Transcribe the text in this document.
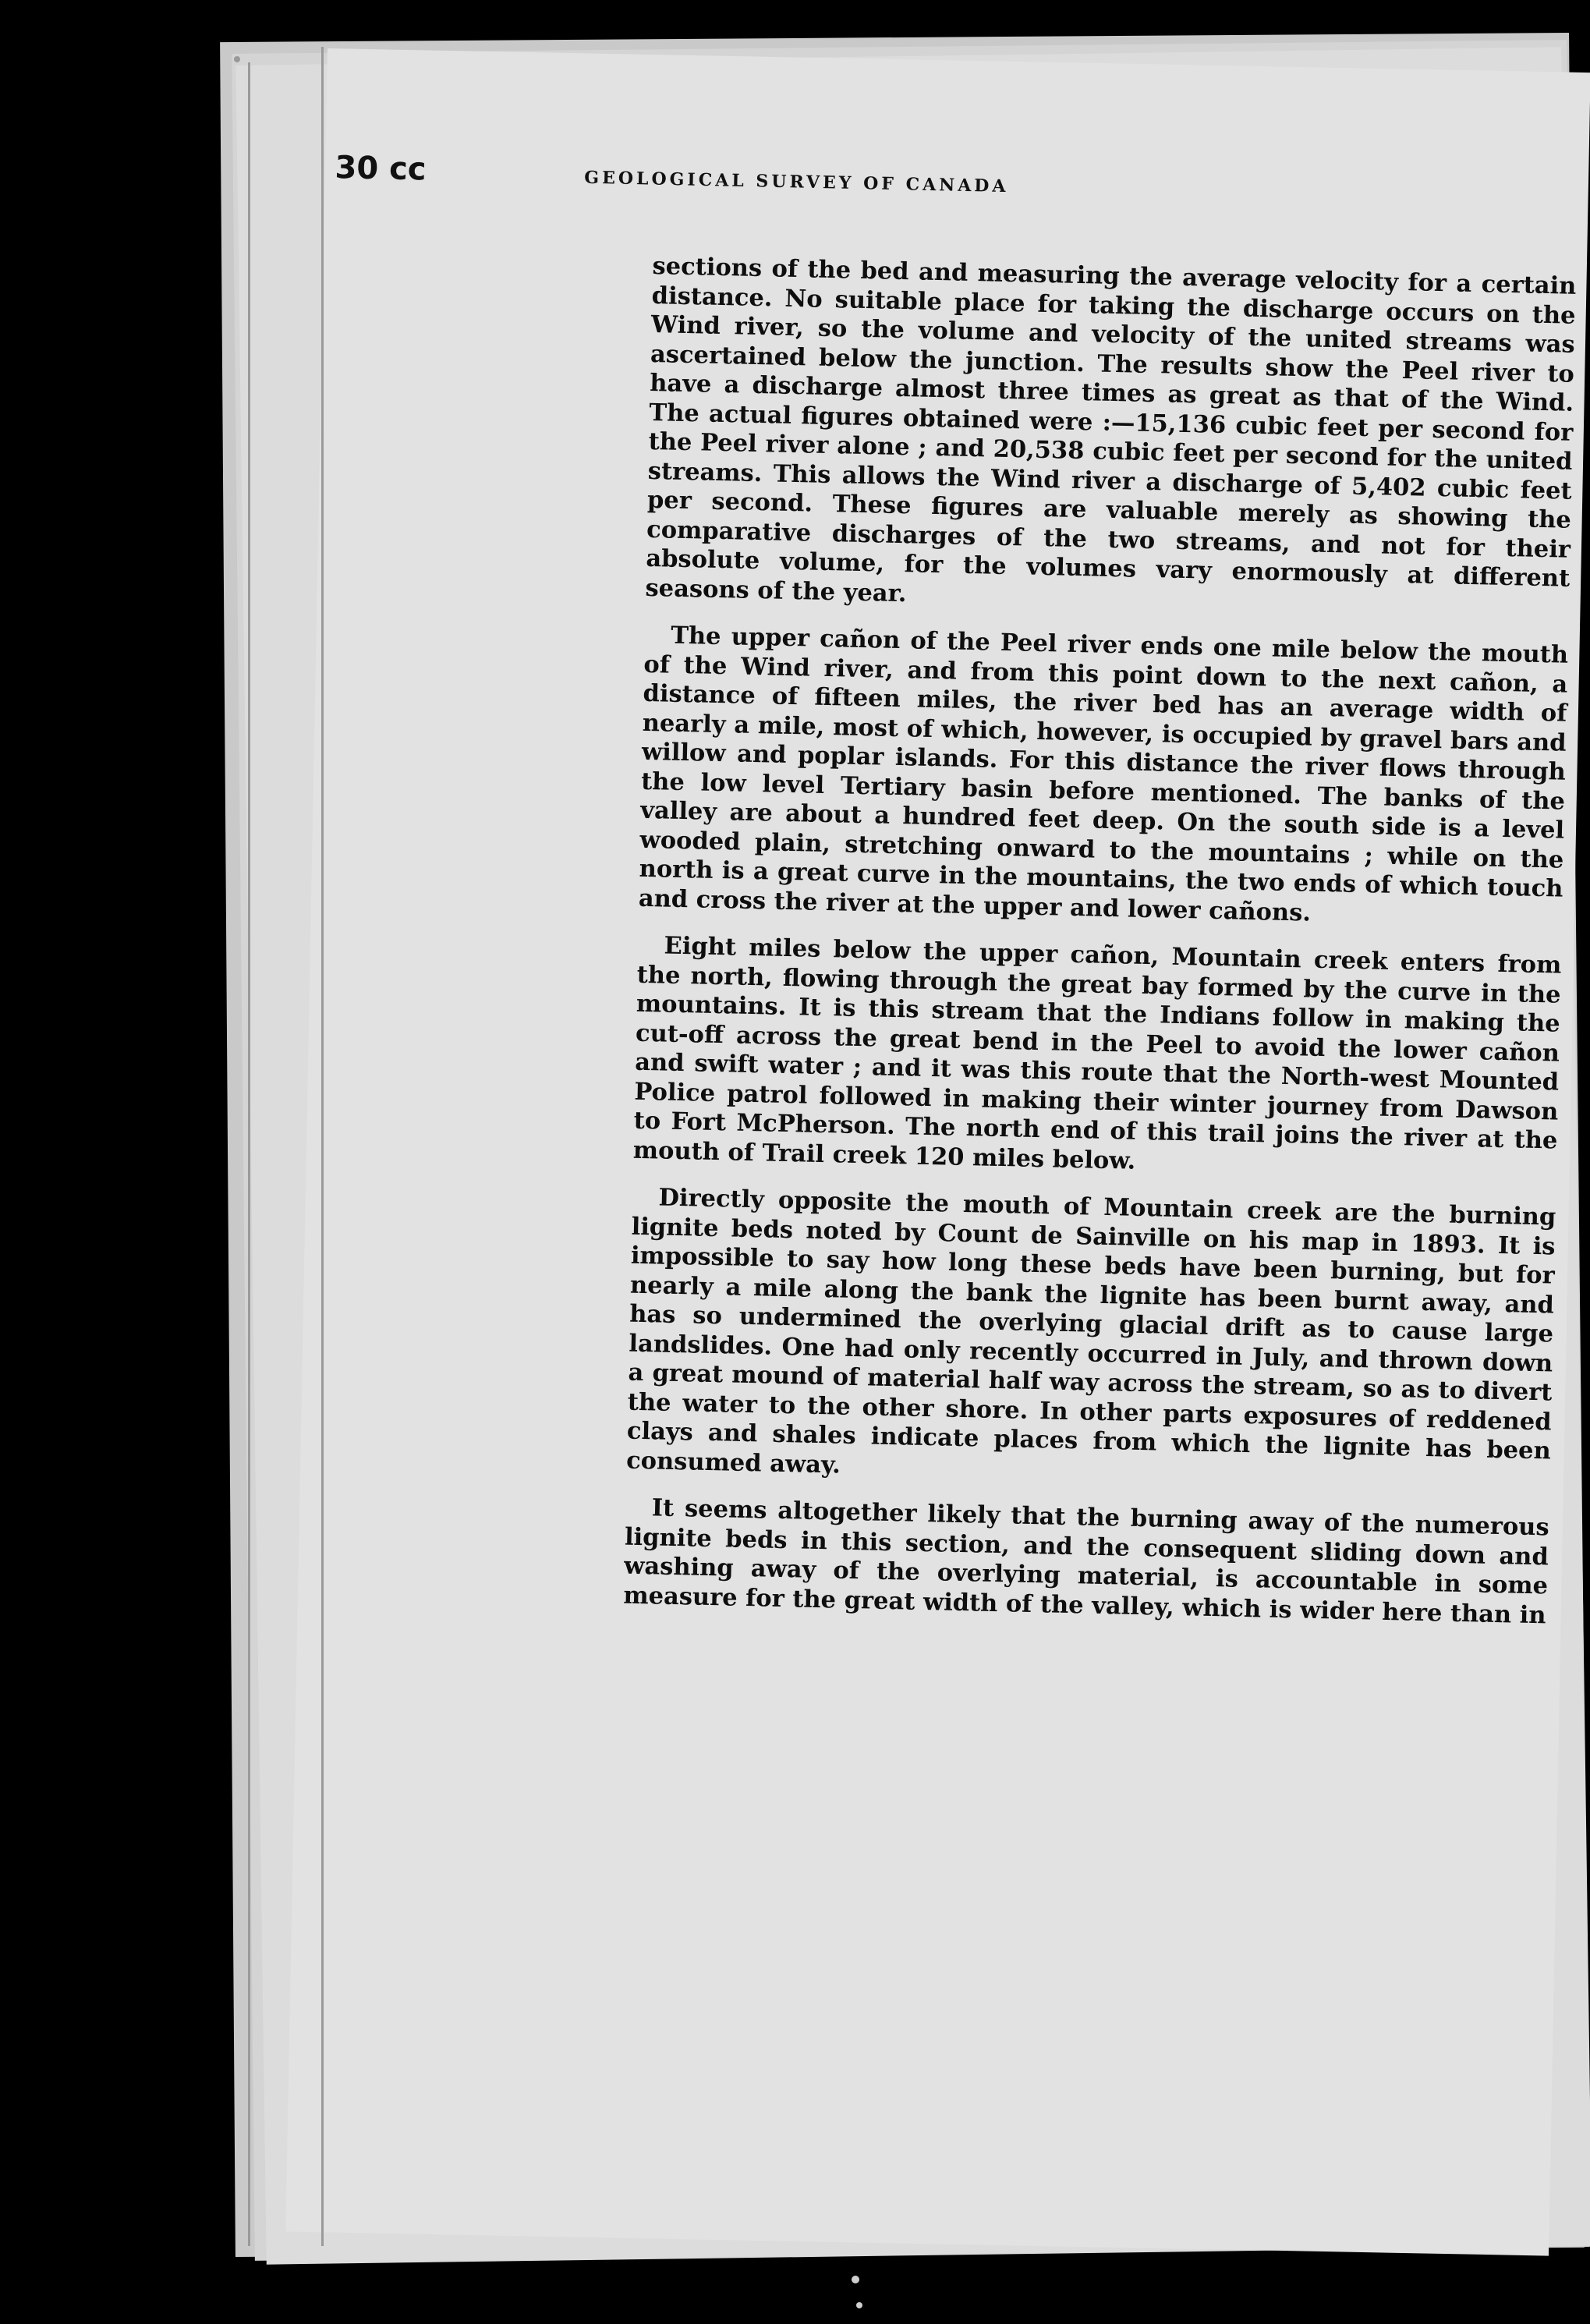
30 cc	GEOLOGICAL SURVEY OF CANADA

sections of the bed and measuring the average velocity for a certain distance. No suitable place for taking the discharge occurs on the Wind river, so the volume and velocity of the united streams was ascertained below the junction. The results show the Peel river to have a discharge almost three times as great as that of the Wind. The actual figures obtained were :—15,136 cubic feet per second for the Peel river alone ; and 20,538 cubic feet per second for the united streams. This allows the Wind river a discharge of 5,402 cubic feet per second. These figures are valuable merely as showing the comparative discharges of the two streams, and not for their absolute volume, for the volumes vary enormously at different seasons of the year.

The upper cañon of the Peel river ends one mile below the mouth of the Wind river, and from this point down to the next cañon, a distance of fifteen miles, the river bed has an average width of nearly a mile, most of which, however, is occupied by gravel bars and willow and poplar islands. For this distance the river flows through the low level Tertiary basin before mentioned. The banks of the valley are about a hundred feet deep. On the south side is a level wooded plain, stretching onward to the mountains ; while on the north is a great curve in the mountains, the two ends of which touch and cross the river at the upper and lower cañons.

Eight miles below the upper cañon, Mountain creek enters from the north, flowing through the great bay formed by the curve in the mountains. It is this stream that the Indians follow in making the cut-off across the great bend in the Peel to avoid the lower cañon and swift water ; and it was this route that the North-west Mounted Police patrol followed in making their winter journey from Dawson to Fort McPherson. The north end of this trail joins the river at the mouth of Trail creek 120 miles below.

Directly opposite the mouth of Mountain creek are the burning lignite beds noted by Count de Sainville on his map in 1893. It is impossible to say how long these beds have been burning, but for nearly a mile along the bank the lignite has been burnt away, and has so undermined the overlying glacial drift as to cause large landslides. One had only recently occurred in July, and thrown down a great mound of material half way across the stream, so as to divert the water to the other shore. In other parts exposures of reddened clays and shales indicate places from which the lignite has been consumed away.

It seems altogether likely that the burning away of the numerous lignite beds in this section, and the consequent sliding down and washing away of the overlying material, is accountable in some measure for the great width of the valley, which is wider here than in
